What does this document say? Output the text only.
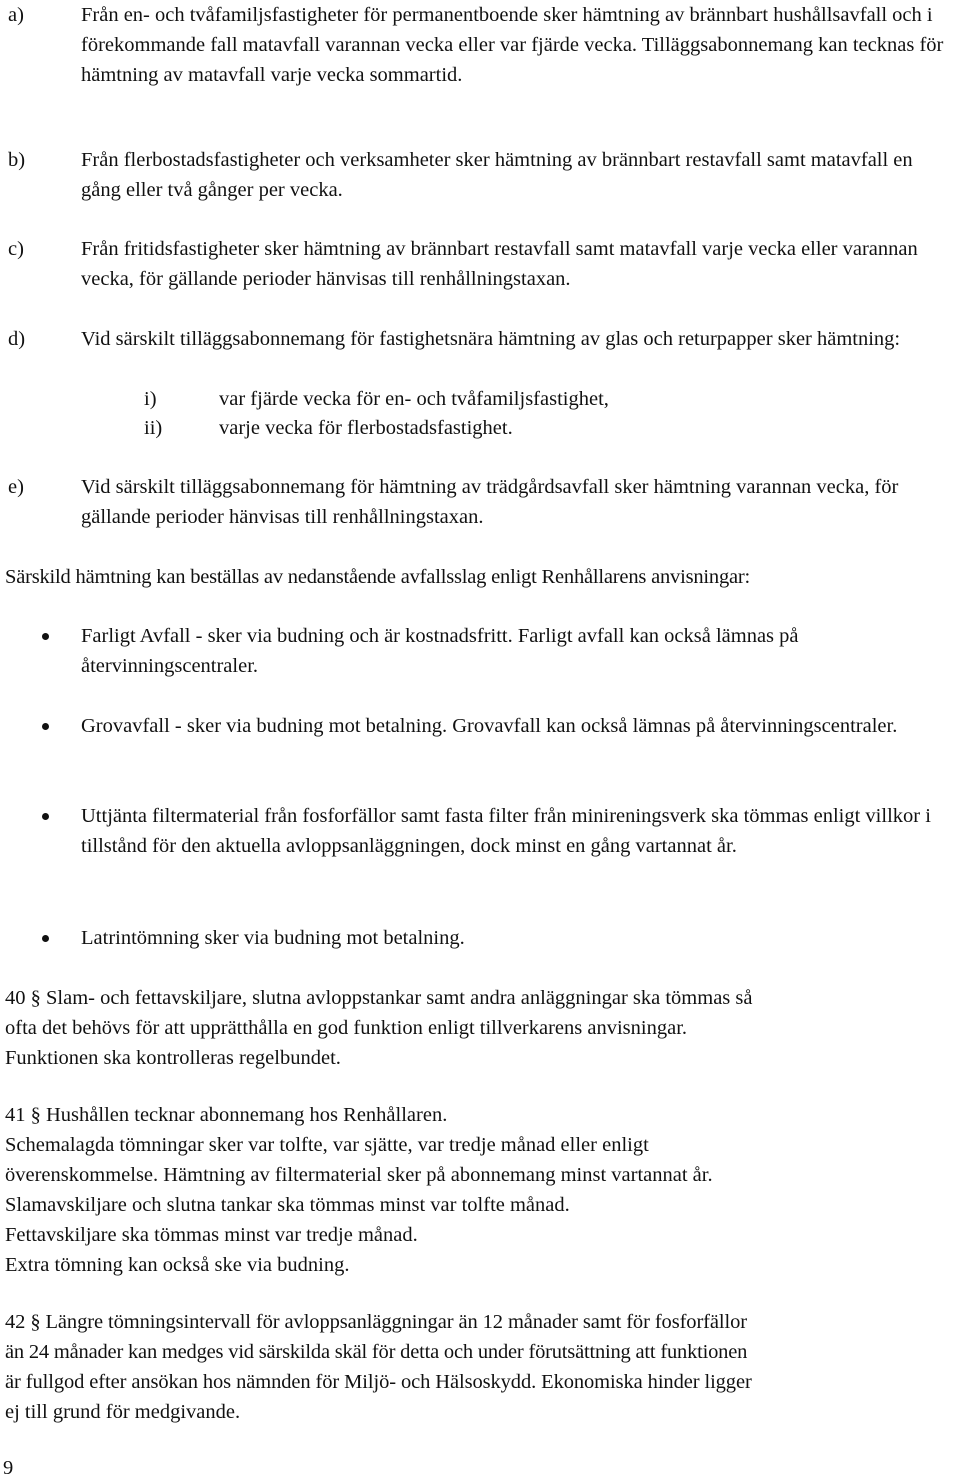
a)	Från en- och tvåfamiljsfastigheter för permanentboende sker hämtning av brännbart hushållsavfall och i förekommande fall matavfall varannan vecka eller var fjärde vecka. Tilläggsabonnemang kan tecknas för hämtning av matavfall varje vecka sommartid.
b)	Från flerbostadsfastigheter och verksamheter sker hämtning av brännbart restavfall samt matavfall en gång eller två gånger per vecka.
c)	Från fritidsfastigheter sker hämtning av brännbart restavfall samt matavfall varje vecka eller varannan vecka, för gällande perioder hänvisas till renhållningstaxan.
d)	Vid särskilt tilläggsabonnemang för fastighetsnära hämtning av glas och returpapper sker hämtning:
i)	var fjärde vecka för en- och tvåfamiljsfastighet,
ii)	varje vecka för flerbostadsfastighet.
e)	Vid särskilt tilläggsabonnemang för hämtning av trädgårdsavfall sker hämtning varannan vecka, för gällande perioder hänvisas till renhållningstaxan.
Särskild hämtning kan beställas av nedanstående avfallsslag enligt Renhållarens anvisningar:
Farligt Avfall - sker via budning och är kostnadsfritt. Farligt avfall kan också lämnas på återvinningscentraler.
Grovavfall - sker via budning mot betalning. Grovavfall kan också lämnas på återvinningscentraler.
Uttjänta filtermaterial från fosforfällor samt fasta filter från minireningsverk ska tömmas enligt villkor i tillstånd för den aktuella avloppsanläggningen, dock minst en gång vartannat år.
Latrintömning sker via budning mot betalning.
40 § Slam- och fettavskiljare, slutna avloppstankar samt andra anläggningar ska tömmas så
ofta det behövs för att upprätthålla en god funktion enligt tillverkarens anvisningar.
Funktionen ska kontrolleras regelbundet.
41 § Hushållen tecknar abonnemang hos Renhållaren.
Schemalagda tömningar sker var tolfte, var sjätte, var tredje månad eller enligt
överenskommelse. Hämtning av filtermaterial sker på abonnemang minst vartannat år.
Slamavskiljare och slutna tankar ska tömmas minst var tolfte månad.
Fettavskiljare ska tömmas minst var tredje månad.
Extra tömning kan också ske via budning.
42 § Längre tömningsintervall för avloppsanläggningar än 12 månader samt för fosforfällor
än 24 månader kan medges vid särskilda skäl för detta och under förutsättning att funktionen
är fullgod efter ansökan hos nämnden för Miljö- och Hälsoskydd. Ekonomiska hinder ligger
ej till grund för medgivande.
9
